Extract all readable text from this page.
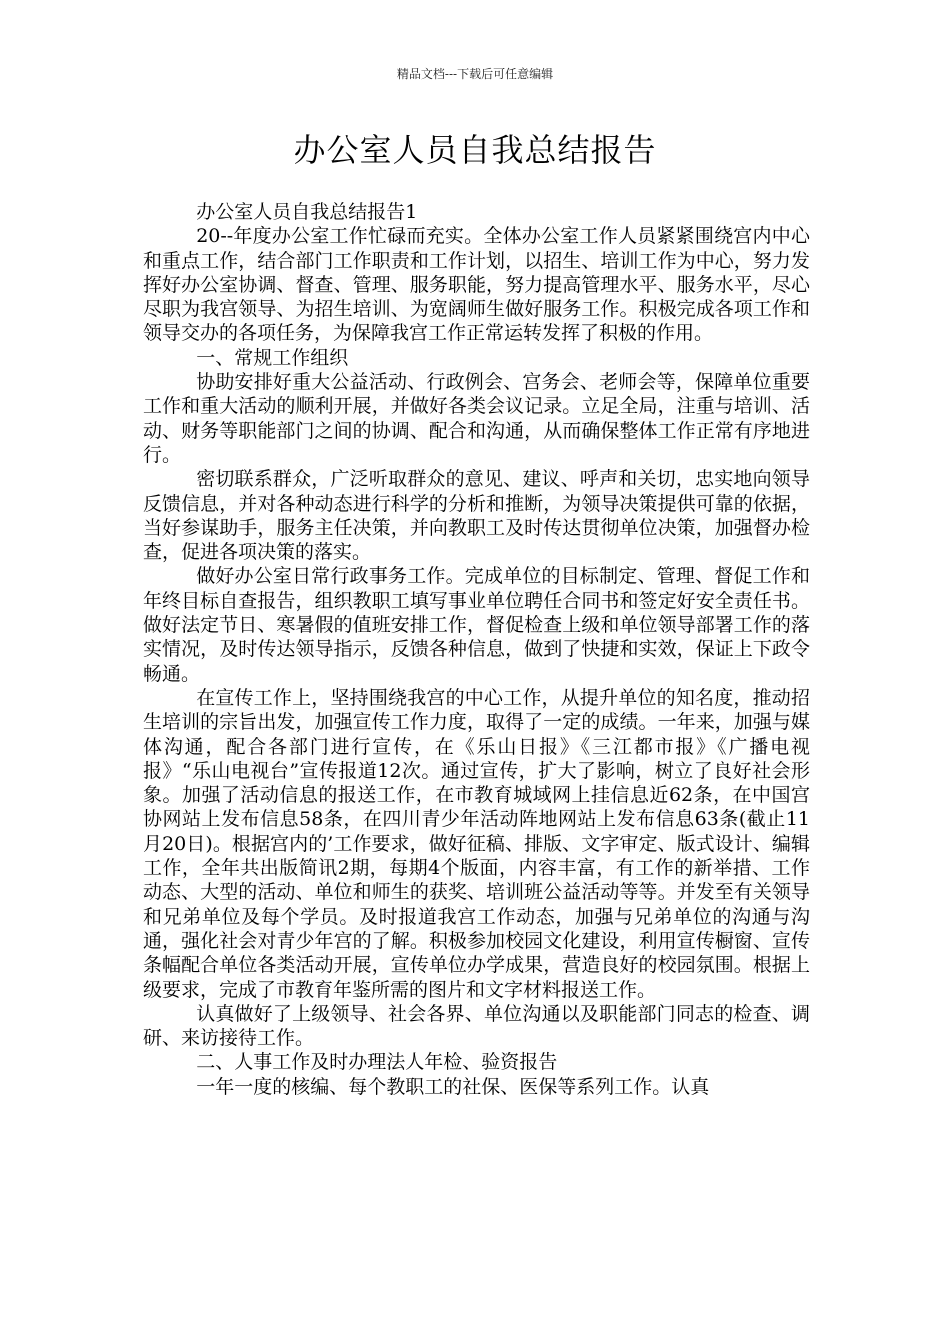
精品文档---下载后可任意编辑
办公室人员自我总结报告

办公室人员自我总结报告1

20--年度办公室工作忙碌而充实。全体办公室工作人员紧紧围绕宫内中心和重点工作，结合部门工作职责和工作计划，以招生、培训工作为中心，努力发挥好办公室协调、督查、管理、服务职能，努力提高管理水平、服务水平，尽心尽职为我宫领导、为招生培训、为宽阔师生做好服务工作。积极完成各项工作和领导交办的各项任务，为保障我宫工作正常运转发挥了积极的作用。

一、常规工作组织

协助安排好重大公益活动、行政例会、宫务会、老师会等，保障单位重要工作和重大活动的顺利开展，并做好各类会议记录。立足全局，注重与培训、活动、财务等职能部门之间的协调、配合和沟通，从而确保整体工作正常有序地进行。

密切联系群众，广泛听取群众的意见、建议、呼声和关切，忠实地向领导反馈信息，并对各种动态进行科学的分析和推断，为领导决策提供可靠的依据，当好参谋助手，服务主任决策，并向教职工及时传达贯彻单位决策，加强督办检查，促进各项决策的落实。

做好办公室日常行政事务工作。完成单位的目标制定、管理、督促工作和年终目标自查报告，组织教职工填写事业单位聘任合同书和签定好安全责任书。做好法定节日、寒暑假的值班安排工作，督促检查上级和单位领导部署工作的落实情况，及时传达领导指示，反馈各种信息，做到了快捷和实效，保证上下政令畅通。

在宣传工作上，坚持围绕我宫的中心工作，从提升单位的知名度，推动招生培训的宗旨出发，加强宣传工作力度，取得了一定的成绩。一年来，加强与媒体沟通，配合各部门进行宣传，在《乐山日报》《三江都市报》《广播电视报》“乐山电视台”宣传报道12次。通过宣传，扩大了影响，树立了良好社会形象。加强了活动信息的报送工作，在市教育城域网上挂信息近62条，在中国宫协网站上发布信息58条，在四川青少年活动阵地网站上发布信息63条(截止11月20日)。根据宫内的’工作要求，做好征稿、排版、文字审定、版式设计、编辑工作，全年共出版简讯2期，每期4个版面，内容丰富，有工作的新举措、工作动态、大型的活动、单位和师生的获奖、培训班公益活动等等。并发至有关领导和兄弟单位及每个学员。及时报道我宫工作动态，加强与兄弟单位的沟通与沟通，强化社会对青少年宫的了解。积极参加校园文化建设，利用宣传橱窗、宣传条幅配合单位各类活动开展，宣传单位办学成果，营造良好的校园氛围。根据上级要求，完成了市教育年鉴所需的图片和文字材料报送工作。

认真做好了上级领导、社会各界、单位沟通以及职能部门同志的检查、调研、来访接待工作。

二、人事工作及时办理法人年检、验资报告

一年一度的核编、每个教职工的社保、医保等系列工作。认真
